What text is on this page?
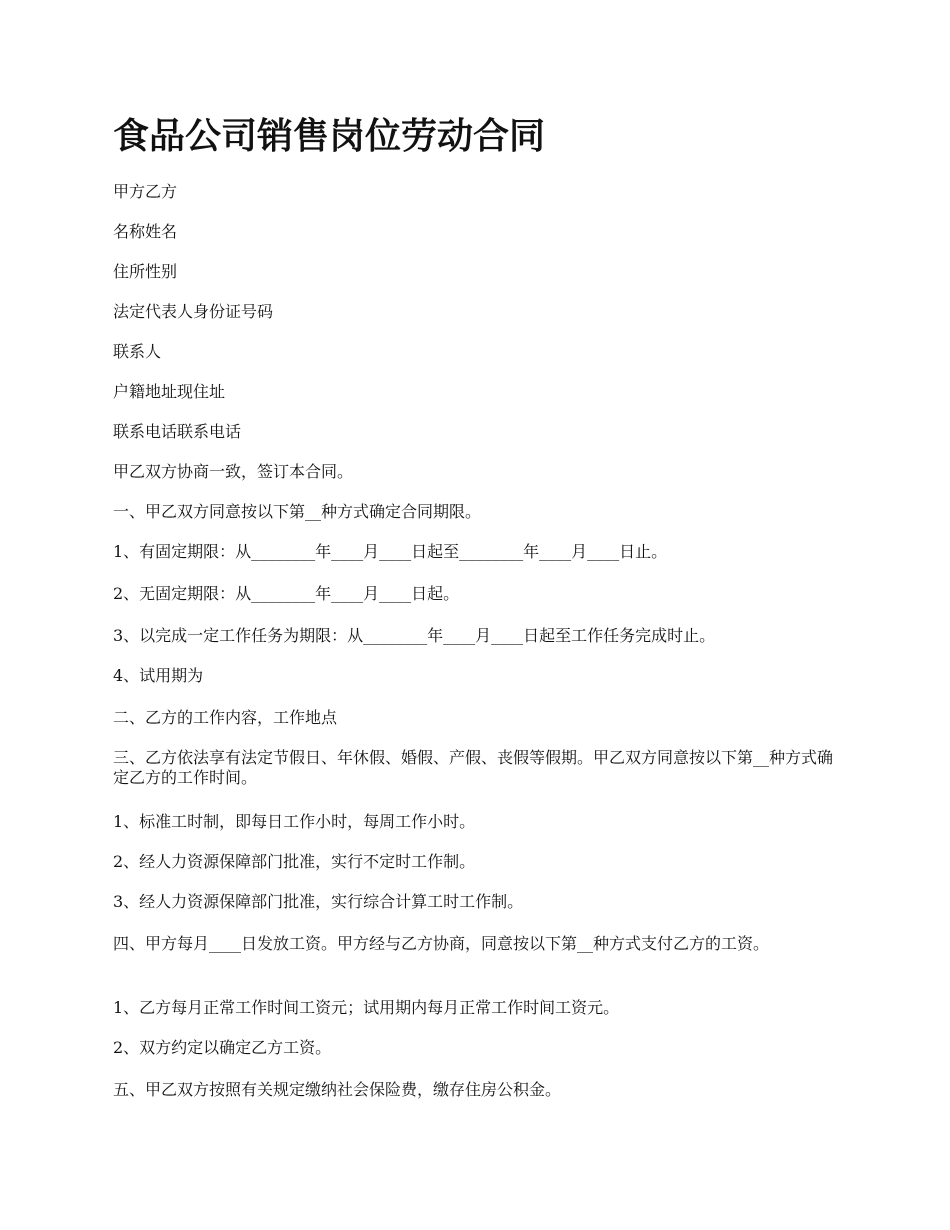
食品公司销售岗位劳动合同

甲方乙方

名称姓名

住所性别

法定代表人身份证号码

联系人

户籍地址现住址

联系电话联系电话

甲乙双方协商一致，签订本合同。

一、甲乙双方同意按以下第__种方式确定合同期限。

1、有固定期限：从________年____月____日起至________年____月____日止。

2、无固定期限：从________年____月____日起。

3、以完成一定工作任务为期限：从________年____月____日起至工作任务完成时止。

4、试用期为

二、乙方的工作内容，工作地点

三、乙方依法享有法定节假日、年休假、婚假、产假、丧假等假期。甲乙双方同意按以下第__种方式确定乙方的工作时间。

1、标准工时制，即每日工作小时，每周工作小时。

2、经人力资源保障部门批准，实行不定时工作制。

3、经人力资源保障部门批准，实行综合计算工时工作制。

四、甲方每月____日发放工资。甲方经与乙方协商，同意按以下第__种方式支付乙方的工资。

1、乙方每月正常工作时间工资元；试用期内每月正常工作时间工资元。

2、双方约定以确定乙方工资。

五、甲乙双方按照有关规定缴纳社会保险费，缴存住房公积金。
